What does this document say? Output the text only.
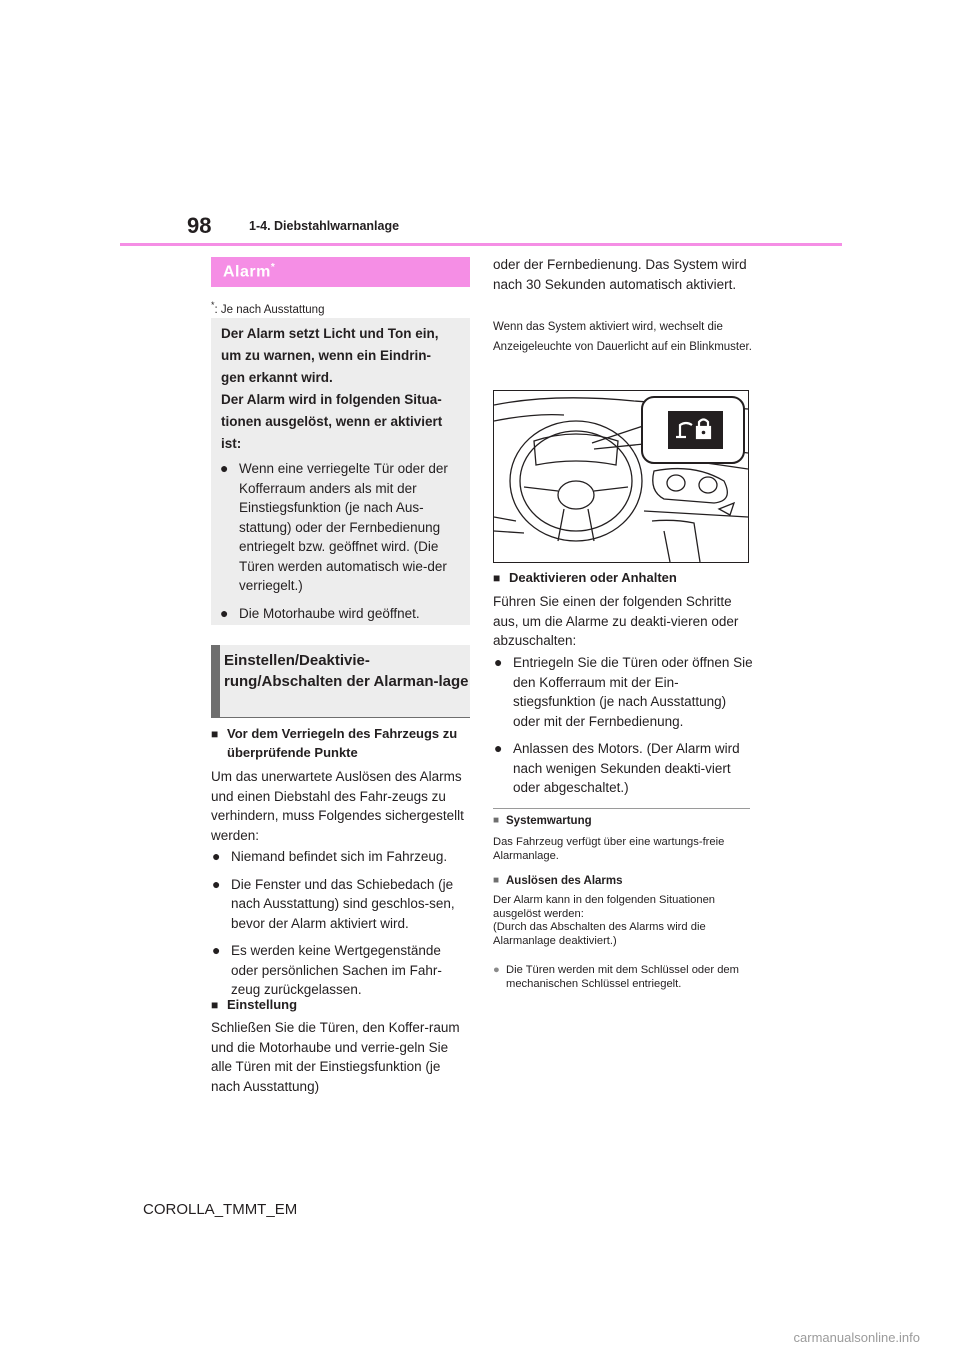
98	1-4. Diebstahlwarnanlage
Alarm*
*: Je nach Ausstattung
Der Alarm setzt Licht und Ton ein,
um zu warnen, wenn ein Eindrin-
gen erkannt wird.
Der Alarm wird in folgenden Situa-
tionen ausgelöst, wenn er aktiviert
ist:
● Wenn eine verriegelte Tür oder der Kofferraum anders als mit der Einstiegsfunktion (je nach Aus-stattung) oder der Fernbedienung entriegelt bzw. geöffnet wird. (Die Türen werden automatisch wie-der verriegelt.)
● Die Motorhaube wird geöffnet.
Einstellen/Deaktivie-rung/Abschalten der Alarman-lage
■ Vor dem Verriegeln des Fahrzeugs zu überprüfende Punkte
Um das unerwartete Auslösen des Alarms und einen Diebstahl des Fahr-zeugs zu verhindern, muss Folgendes sichergestellt werden:
● Niemand befindet sich im Fahrzeug.
● Die Fenster und das Schiebedach (je nach Ausstattung) sind geschlos-sen, bevor der Alarm aktiviert wird.
● Es werden keine Wertgegenstände oder persönlichen Sachen im Fahr-zeug zurückgelassen.
■ Einstellung
Schließen Sie die Türen, den Koffer-raum und die Motorhaube und verrie-geln Sie alle Türen mit der Einstiegsfunktion (je nach Ausstattung)
oder der Fernbedienung. Das System wird nach 30 Sekunden automatisch aktiviert.
Wenn das System aktiviert wird, wechselt die Anzeigeleuchte von Dauerlicht auf ein Blinkmuster.
■ Deaktivieren oder Anhalten
Führen Sie einen der folgenden Schritte aus, um die Alarme zu deakti-vieren oder abzuschalten:
● Entriegeln Sie die Türen oder öffnen Sie den Kofferraum mit der Ein-stiegsfunktion (je nach Ausstattung) oder mit der Fernbedienung.
● Anlassen des Motors. (Der Alarm wird nach wenigen Sekunden deakti-viert oder abgeschaltet.)
■ Systemwartung
Das Fahrzeug verfügt über eine wartungs-freie Alarmanlage.
■ Auslösen des Alarms
Der Alarm kann in den folgenden Situationen ausgelöst werden:
(Durch das Abschalten des Alarms wird die Alarmanlage deaktiviert.)
● Die Türen werden mit dem Schlüssel oder dem mechanischen Schlüssel entriegelt.
COROLLA_TMMT_EM
carmanualsonline.info
